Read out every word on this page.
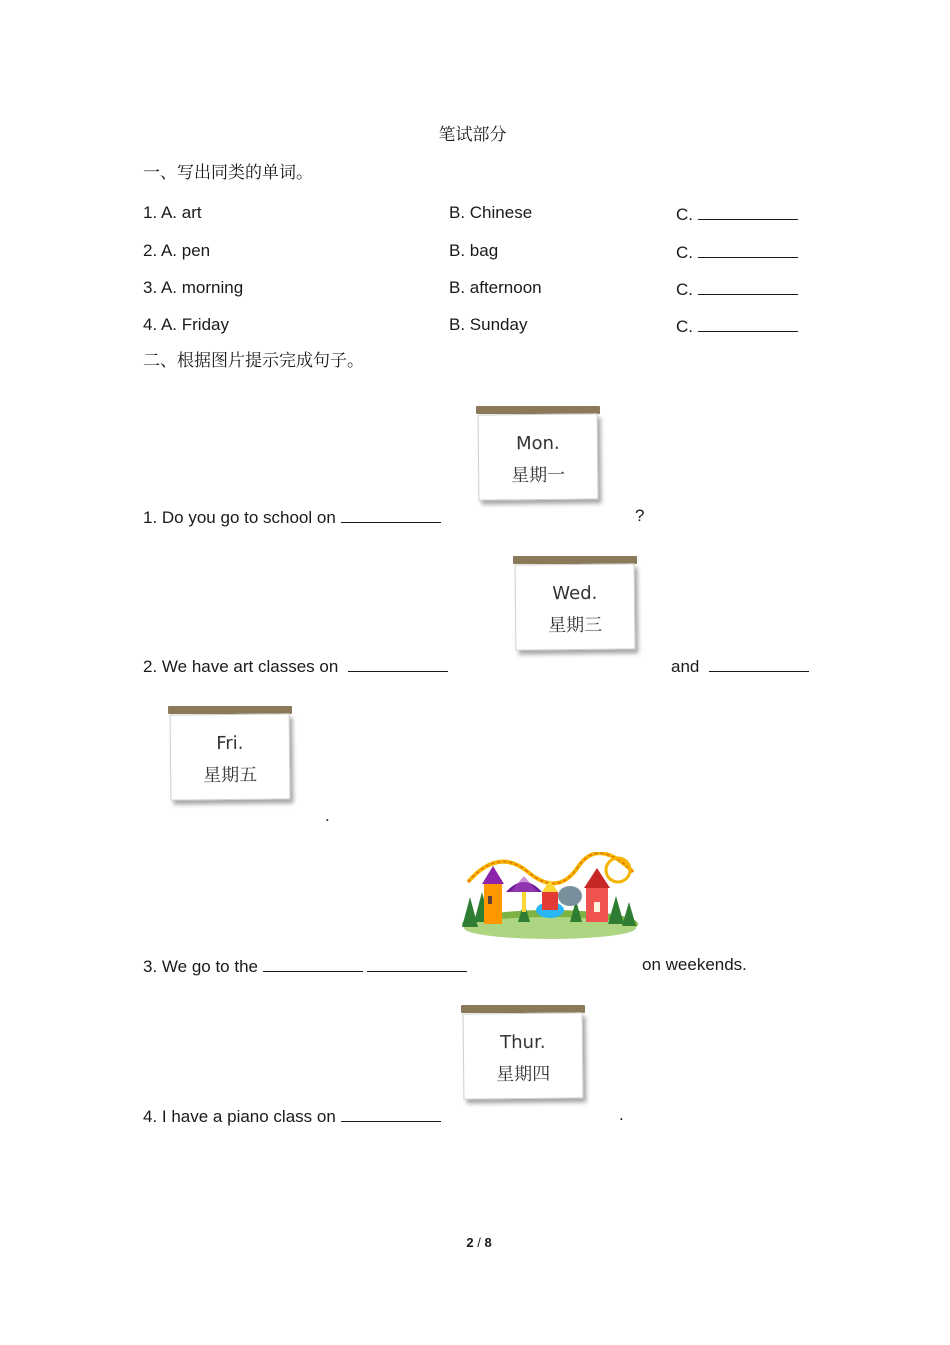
笔试部分
一、写出同类的单词。
1. A. art	B. Chinese	C.
2. A. pen	B. bag	C.
3. A. morning	B. afternoon	C.
4. A. Friday	B. Sunday	C.
二、根据图片提示完成句子。
Mon.
星期一
1. Do you go to school on	?
Wed.
星期三
2. We have art classes on	and
Fri.
星期五
.
3. We go to the	on weekends.
Thur.
星期四
4. I have a piano class on	.
2 / 8
